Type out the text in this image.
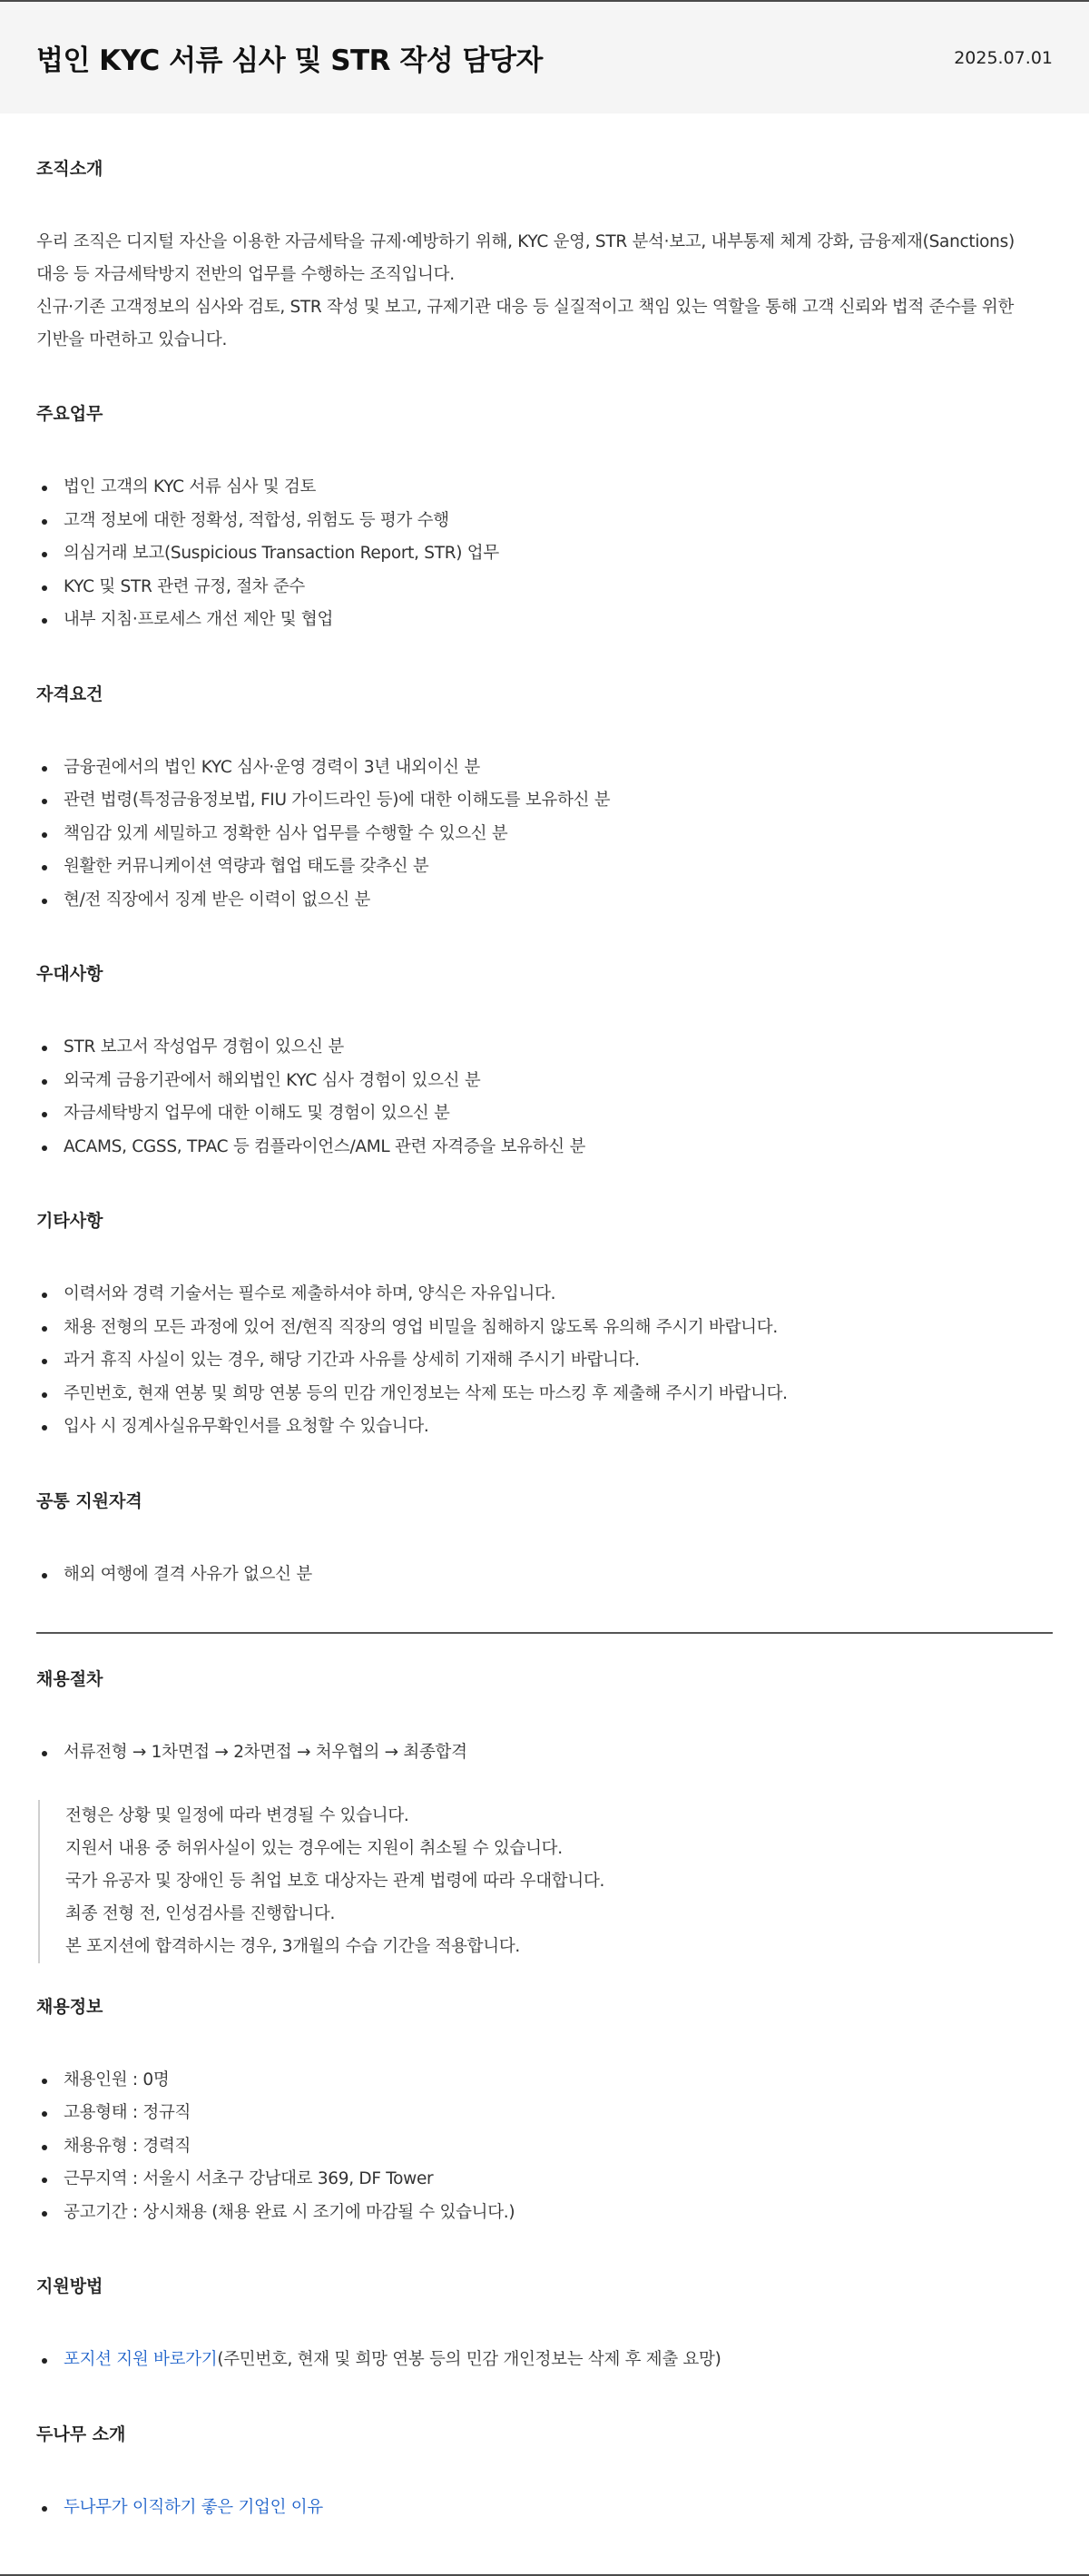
법인 KYC 서류 심사 및 STR 작성 담당자	2025.07.01
조직소개

우리 조직은 디지털 자산을 이용한 자금세탁을 규제·예방하기 위해, KYC 운영, STR 분석·보고, 내부통제 체계 강화, 금융제재(Sanctions)

대응 등 자금세탁방지 전반의 업무를 수행하는 조직입니다.

신규·기존 고객정보의 심사와 검토, STR 작성 및 보고, 규제기관 대응 등 실질적이고 책임 있는 역할을 통해 고객 신뢰와 법적 준수를 위한

기반을 마련하고 있습니다.

주요업무
법인 고객의 KYC 서류 심사 및 검토
고객 정보에 대한 정확성, 적합성, 위험도 등 평가 수행
의심거래 보고(Suspicious Transaction Report, STR) 업무
KYC 및 STR 관련 규정, 절차 준수
내부 지침·프로세스 개선 제안 및 협업
자격요건
금융권에서의 법인 KYC 심사·운영 경력이 3년 내외이신 분
관련 법령(특정금융정보법, FIU 가이드라인 등)에 대한 이해도를 보유하신 분
책임감 있게 세밀하고 정확한 심사 업무를 수행할 수 있으신 분
원활한 커뮤니케이션 역량과 협업 태도를 갖추신 분
현/전 직장에서 징계 받은 이력이 없으신 분
우대사항
STR 보고서 작성업무 경험이 있으신 분
외국계 금융기관에서 해외법인 KYC 심사 경험이 있으신 분
자금세탁방지 업무에 대한 이해도 및 경험이 있으신 분
ACAMS, CGSS, TPAC 등 컴플라이언스/AML 관련 자격증을 보유하신 분
기타사항
이력서와 경력 기술서는 필수로 제출하셔야 하며, 양식은 자유입니다.
채용 전형의 모든 과정에 있어 전/현직 직장의 영업 비밀을 침해하지 않도록 유의해 주시기 바랍니다.
과거 휴직 사실이 있는 경우, 해당 기간과 사유를 상세히 기재해 주시기 바랍니다.
주민번호, 현재 연봉 및 희망 연봉 등의 민감 개인정보는 삭제 또는 마스킹 후 제출해 주시기 바랍니다.
입사 시 징계사실유무확인서를 요청할 수 있습니다.
공통 지원자격
해외 여행에 결격 사유가 없으신 분
채용절차
서류전형 → 1차면접 → 2차면접 → 처우협의 → 최종합격

전형은 상황 및 일정에 따라 변경될 수 있습니다.

지원서 내용 중 허위사실이 있는 경우에는 지원이 취소될 수 있습니다.

국가 유공자 및 장애인 등 취업 보호 대상자는 관계 법령에 따라 우대합니다.

최종 전형 전, 인성검사를 진행합니다.

본 포지션에 합격하시는 경우, 3개월의 수습 기간을 적용합니다.

채용정보
채용인원 : 0명
고용형태 : 정규직
채용유형 : 경력직
근무지역 : 서울시 서초구 강남대로 369, DF Tower
공고기간 : 상시채용 (채용 완료 시 조기에 마감될 수 있습니다.)
지원방법
포지션 지원 바로가기(주민번호, 현재 및 희망 연봉 등의 민감 개인정보는 삭제 후 제출 요망)
두나무 소개
두나무가 이직하기 좋은 기업인 이유
